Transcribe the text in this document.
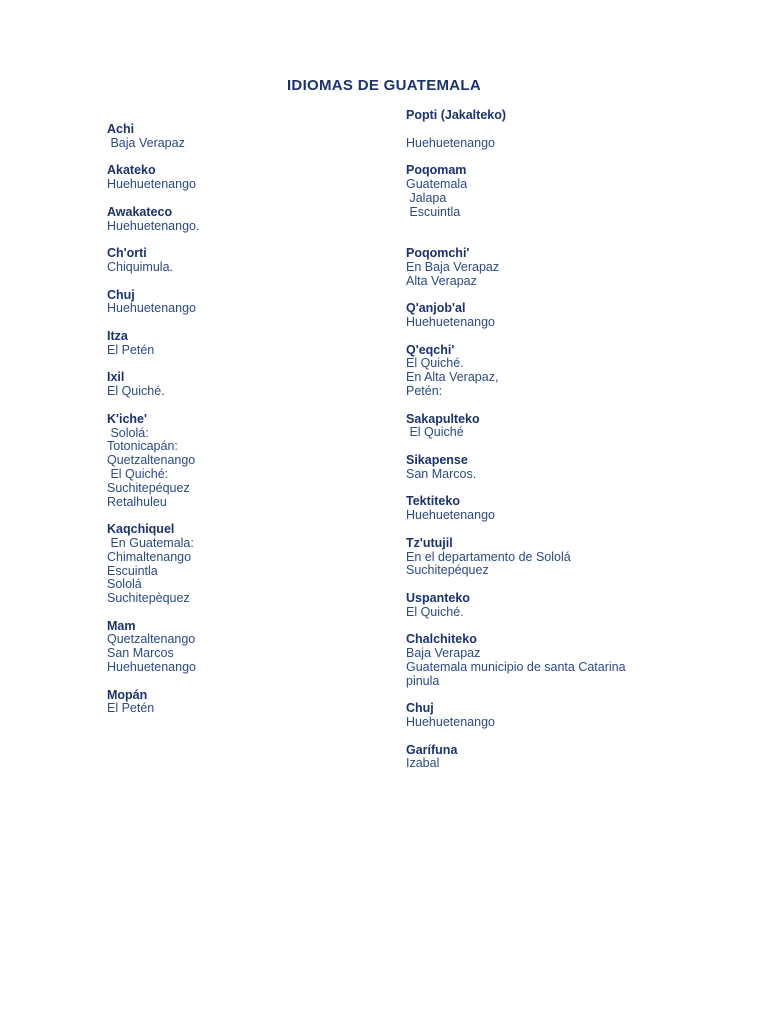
IDIOMAS DE GUATEMALA
Achi
Baja Verapaz
Akateko
Huehuetenango
Awakateco
Huehuetenango.
Ch'orti
Chiquimula.
Chuj
Huehuetenango
Itza
El Petén
Ixil
El Quiché.
K'iche'
Sololá:
Totonicapán:
Quetzaltenango
El Quiché:
Suchitepéquez
Retalhuleu
Kaqchiquel
En Guatemala:
Chimaltenango
Escuintla
Sololá
Suchitepèquez
Mam
Quetzaltenango
San Marcos
Huehuetenango
Mopán
El Petén
Popti (Jakalteko)

Huehuetenango
Poqomam
Guatemala
Jalapa
Escuintla

Poqomchi'
En Baja Verapaz
Alta Verapaz
Q'anjob'al
Huehuetenango
Q'eqchi'
El Quiché.
En Alta Verapaz,
Petén:
Sakapulteko
El Quiché
Sikapense
San Marcos.
Tektiteko
Huehuetenango
Tz'utujil
En el departamento de Sololá
Suchitepéquez
Uspanteko
El Quiché.
Chalchiteko
Baja Verapaz
Guatemala municipio de santa Catarina
pinula
Chuj
Huehuetenango
Garífuna
Izabal
